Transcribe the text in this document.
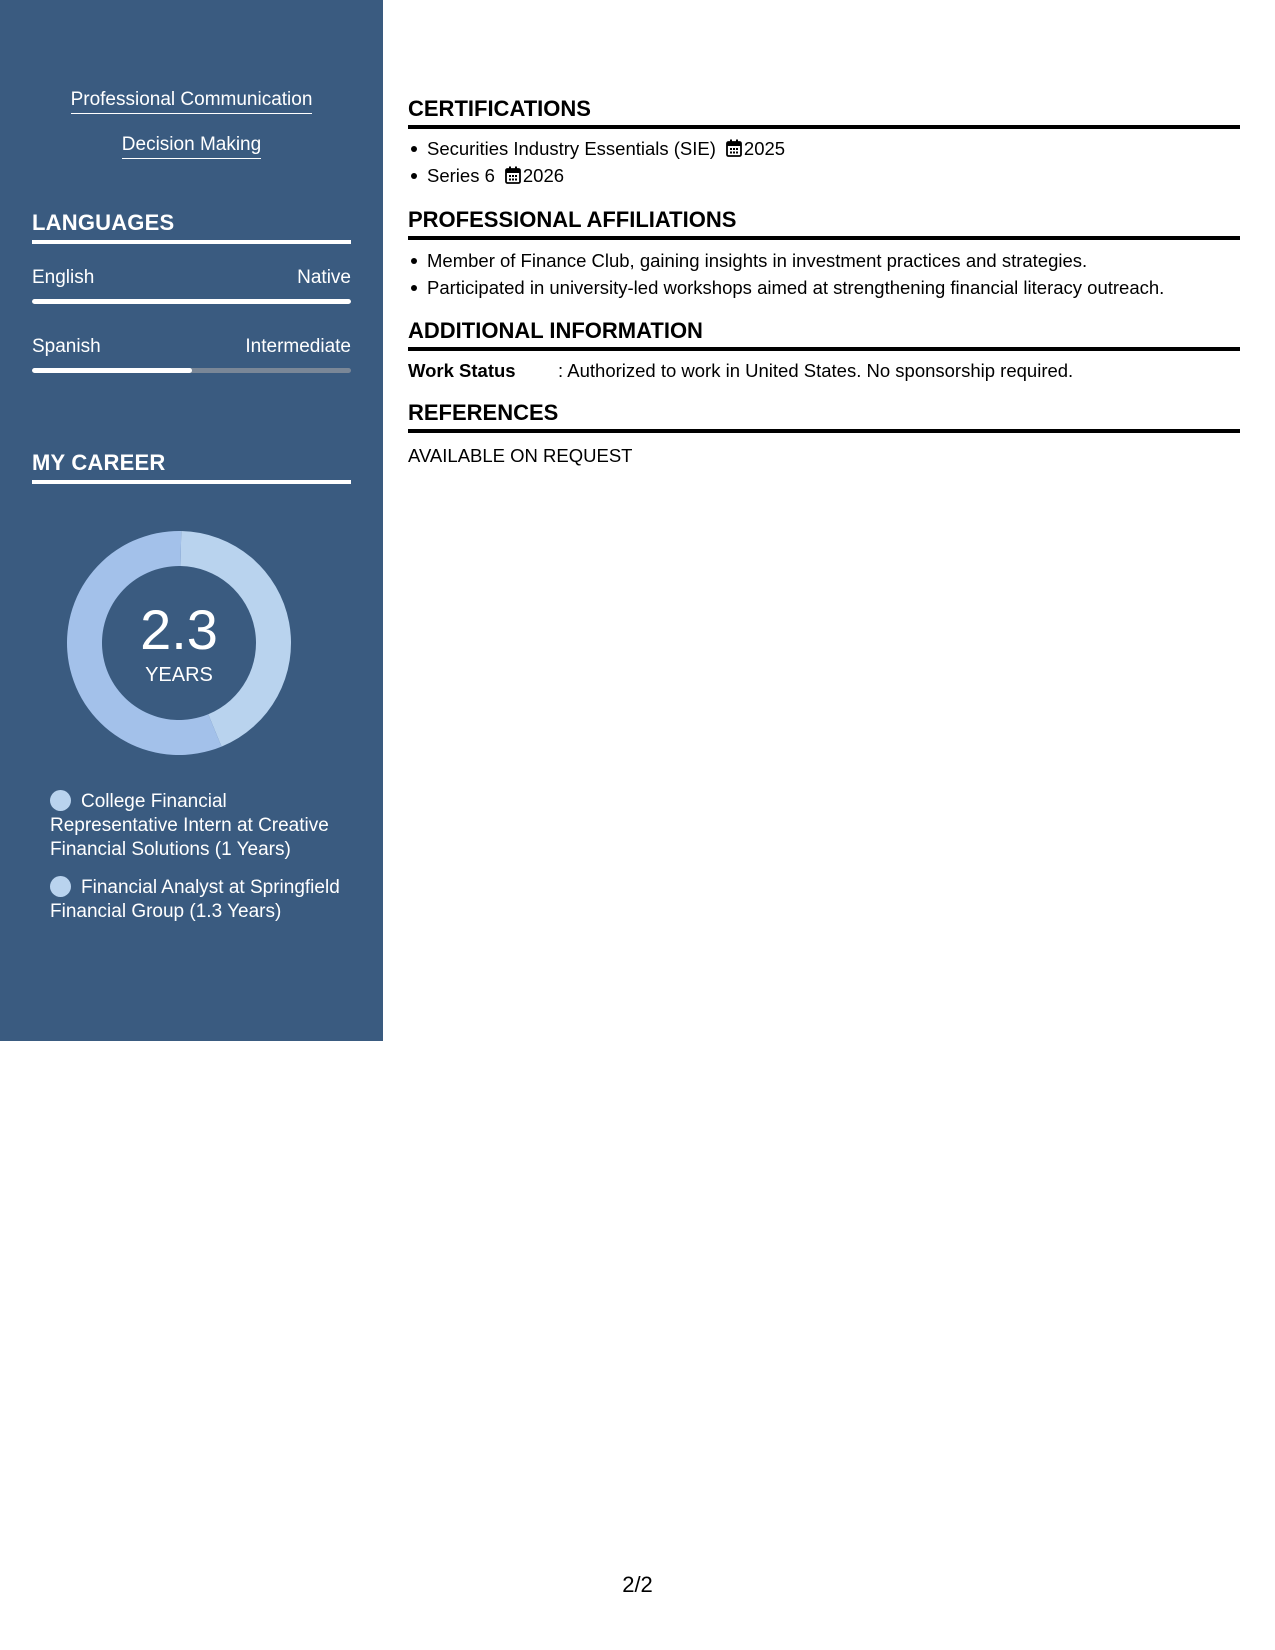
Professional Communication
Decision Making
LANGUAGES
English	Native
Spanish	Intermediate
MY CAREER
2.3
YEARS
College Financial Representative Intern at Creative Financial Solutions (1 Years)
Financial Analyst at Springfield Financial Group (1.3 Years)
CERTIFICATIONS
Securities Industry Essentials (SIE) 2025
Series 6 2026
PROFESSIONAL AFFILIATIONS
Member of Finance Club, gaining insights in investment practices and strategies.
Participated in university-led workshops aimed at strengthening financial literacy outreach.
ADDITIONAL INFORMATION
Work Status : Authorized to work in United States. No sponsorship required.
REFERENCES
AVAILABLE ON REQUEST
2/2
